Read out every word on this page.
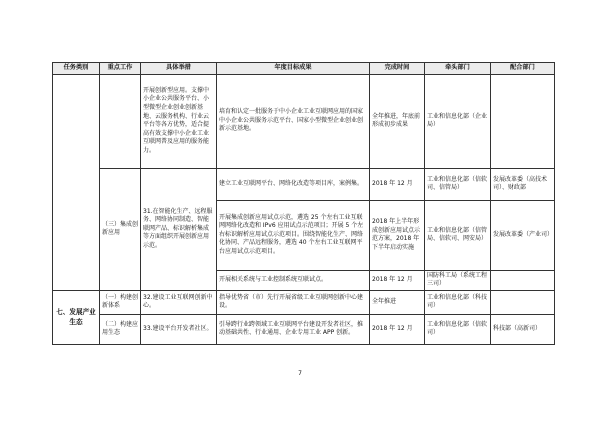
任务类别	重点工作	具体举措	年度目标成果	完成时间	牵头部门	配合部门
		开展创新型应用。支撑中小企业公共服务平台、小型微型企业创业创新基地、云服务机构、行业云平台等各方优势，适合提高有效支撑中小企业工业互联网普及应用的服务能力。	培育和认定一批服务于中小企业工业互联网应用的国家中小企业公共服务示范平台、国家小型微型企业创业创新示范基地。	全年推进，年底前形成初步成果	工业和信息化部（企业局）	
	（三）集成创新应用	31.在智能化生产、远程服务、网络协同制造、智能联网产品、标识解析集成等方面组织开展创新应用示范。	建立工业互联网平台、网络化改造等项目库，案例集。	2018 年 12 月	工业和信息化部（信软司、信管局）	发展改革委（高技术司）、财政部
			开展集成创新应用试点示范，遴选 25 个左右工业互联网网络化改造和 IPv6 应用试点示范项目；开展 5 个左右标识解析应用试点示范项目。围绕智能化生产、网络化协同、产品远程服务，遴选 40 个左右工业互联网平台应用试点示范项目。	2018 年上半年形成创新应用试点示范方案，2018 年下半年启动实施	工业和信息化部（信管局、信软司、网安局）	发展改革委（产业司）
			开展相关系统与工业控制系统互联试点。	2018 年 12 月	国防科工局（系统工程三司）	
七、发展产业生态	（一）构建创新体系	32.建设工业互联网创新中心。	指导优势省（市）先行开展省级工业互联网创新中心建设。	全年推进	工业和信息化部（科技司）	
	（二）构建应用生态	33.建设平台开发者社区。	引导跨行业跨领域工业互联网平台建设开发者社区，推动基础共性、行业通用、企业专用工业 APP 创新。	2018 年 12 月	工业和信息化部（信软司）	科技部（高新司）
7
